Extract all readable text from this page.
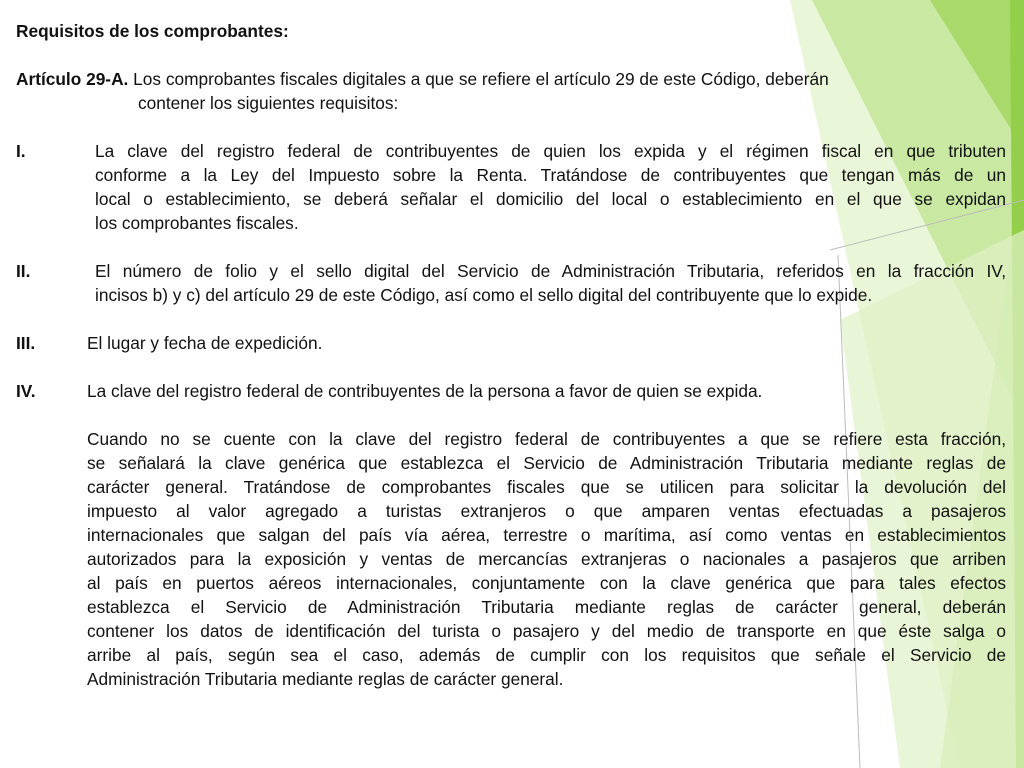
Requisitos de los comprobantes:
Artículo 29-A. Los comprobantes fiscales digitales a que se refiere el artículo 29 de este Código, deberán
contener los siguientes requisitos:
I.	La clave del registro federal de contribuyentes de quien los expida y el régimen fiscal en que tributen
conforme a la Ley del Impuesto sobre la Renta. Tratándose de contribuyentes que tengan más de un
local o establecimiento, se deberá señalar el domicilio del local o establecimiento en el que se expidan
los comprobantes fiscales.
II.	El número de folio y el sello digital del Servicio de Administración Tributaria, referidos en la fracción IV,
incisos b) y c) del artículo 29 de este Código, así como el sello digital del contribuyente que lo expide.
III.	El lugar y fecha de expedición.
IV.	La clave del registro federal de contribuyentes de la persona a favor de quien se expida.
Cuando no se cuente con la clave del registro federal de contribuyentes a que se refiere esta fracción,
se señalará la clave genérica que establezca el Servicio de Administración Tributaria mediante reglas de
carácter general. Tratándose de comprobantes fiscales que se utilicen para solicitar la devolución del
impuesto al valor agregado a turistas extranjeros o que amparen ventas efectuadas a pasajeros
internacionales que salgan del país vía aérea, terrestre o marítima, así como ventas en establecimientos
autorizados para la exposición y ventas de mercancías extranjeras o nacionales a pasajeros que arriben
al país en puertos aéreos internacionales, conjuntamente con la clave genérica que para tales efectos
establezca el Servicio de Administración Tributaria mediante reglas de carácter general, deberán
contener los datos de identificación del turista o pasajero y del medio de transporte en que éste salga o
arribe al país, según sea el caso, además de cumplir con los requisitos que señale el Servicio de
Administración Tributaria mediante reglas de carácter general.
